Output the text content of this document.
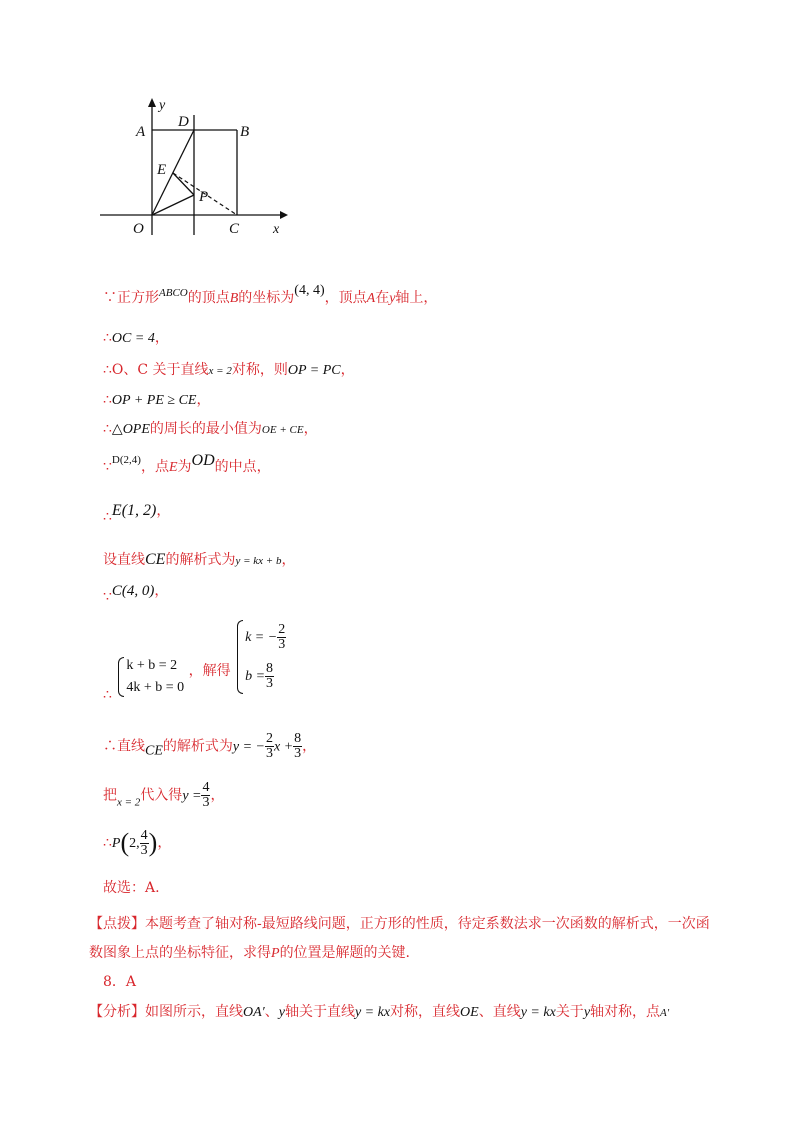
y
A
D
B
E
P
O	C x
∵正方形$^{ABCO}$的顶点B的坐标为(4, 4)，顶点A在y轴上，
∴OC = 4，
∴O、C 关于直线x = 2对称，则OP = PC，
∴OP + PE ≥ CE，
∴△OPE的周长的最小值为OE + CE，
∵$^{D(2,4)}$，点E为OD的中点，
∴E(1, 2)，
设直线CE的解析式为y = kx + b，
∵C(4, 0)，
∴
k + b = 2
4k + b = 0
，解得
k = − $\frac{2}{3}$
$b = \frac{8}{3}$
∴直线CE的解析式为y = − $\frac{2}{3}$ $x + \frac{8}{3}$ ，
把$_{x = 2}$代入得$y = \frac{4}{3}$ ，
∴P(2, $\frac{4}{3}$ )，
故选：A.
【点拨】本题考查了轴对称-最短路线问题，正方形的性质，待定系数法求一次函数的解析式，一次函
数图象上点的坐标特征，求得P的位置是解题的关键.
8．A
【分析】如图所示，直线OA′、y轴关于直线y = kx对称，直线OE、直线y = kx关于y轴对称，点A′
